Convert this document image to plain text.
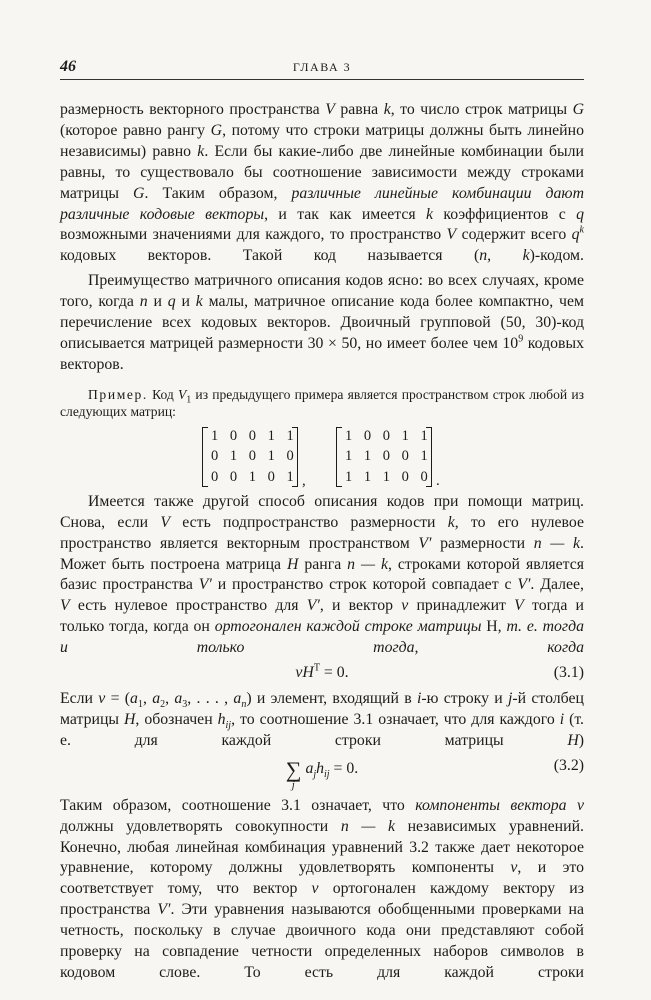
46	ГЛАВА 3

размерность векторного пространства V равна k, то число строк матрицы G (которое равно рангу G, потому что строки матрицы должны быть линейно независимы) равно k. Если бы какие-либо две линейные комбинации были равны, то существовало бы соотношение зависимости между строками матрицы G. Таким образом, различные линейные комбинации дают различные кодовые векторы, и так как имеется k коэффициентов с q возможными значениями для каждого, то пространство V содержит всего $q^k$ кодовых векторов. Такой код называется (n, k)-кодом.

Преимущество матричного описания кодов ясно: во всех случаях, кроме того, когда n и q и k малы, матричное описание кода более компактно, чем перечисление всех кодовых векторов. Двоичный групповой (50, 30)-код описывается матрицей размерности 30 × 50, но имеет более чем $10^9$ кодовых векторов.

Пример. Код $V_1$ из предыдущего примера является пространством строк любой из следующих матриц:

1 0 0 1 1
0 1 0 1 0
0 0 1 0 1 ,
1 0 0 1 1
1 1 0 0 1
1 1 1 0 0 .

Имеется также другой способ описания кодов при помощи матриц. Снова, если V есть подпространство размерности k, то его нулевое пространство является векторным пространством V′ размерности n — k. Может быть построена матрица H ранга n — k, строками которой является базис пространства V′ и пространство строк которой совпадает с V′. Далее, V есть нулевое пространство для V′, и вектор v принадлежит V тогда и только тогда, когда он ортогонален каждой строке матрицы H, т. е. тогда и только тогда, когда

$vH^T = 0$.	(3.1)

Если $v = (a_1$, $a_2$, $a_3$, . . . , $a_n$) и элемент, входящий в i-ю строку и j-й столбец матрицы H, обозначен $h_{ij}$, то соотношение 3.1 означает, что для каждого i (т. е. для каждой строки матрицы H)

∑
j
$a_jh_{ij} = 0$.	(3.2)

Таким образом, соотношение 3.1 означает, что компоненты вектора v должны удовлетворять совокупности n — k независимых уравнений. Конечно, любая линейная комбинация уравнений 3.2 также дает некоторое уравнение, которому должны удовлетворять компоненты v, и это соответствует тому, что вектор v ортогонален каждому вектору из пространства V′. Эти уравнения называются обобщенными проверками на четность, поскольку в случае двоичного кода они представляют собой проверку на совпадение четности определенных наборов символов в кодовом слове. То есть для каждой строки
